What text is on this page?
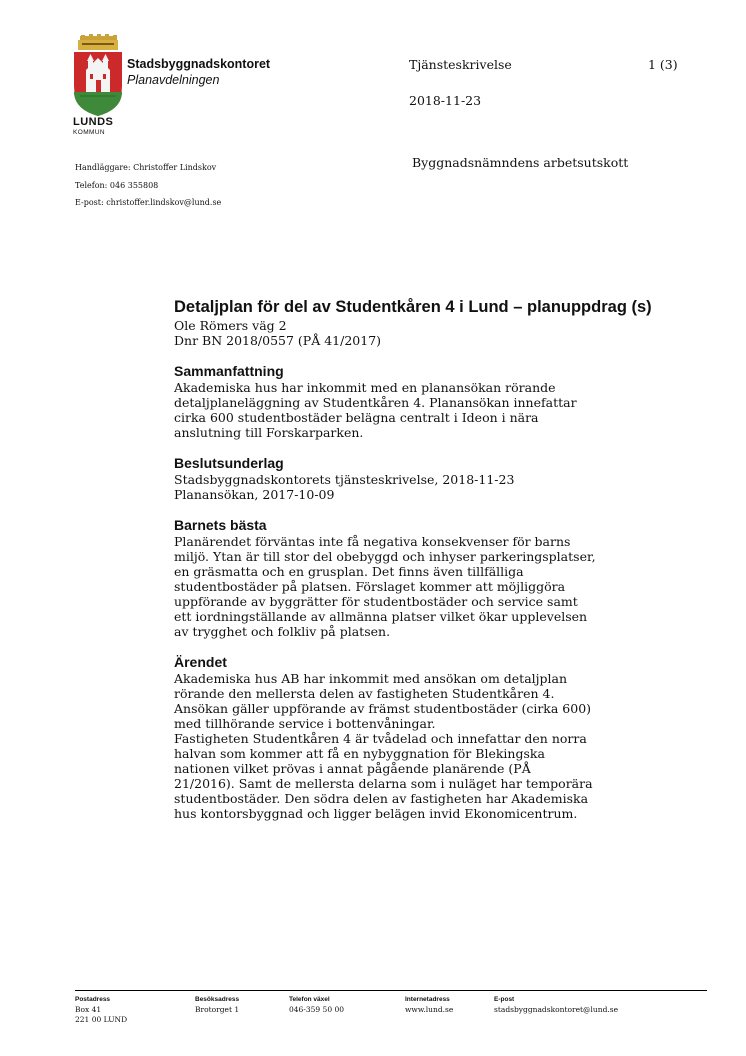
LUNDS
KOMMUN
Stadsbyggnadskontoret
Planavdelningen
Tjänsteskrivelse	1 (3)
2018-11-23
Byggnadsnämndens arbetsutskott
Handläggare: Christoffer Lindskov
Telefon: 046 355808
E-post: christoffer.lindskov@lund.se
Detaljplan för del av Studentkåren 4 i Lund – planuppdrag (s)
Ole Römers väg 2
Dnr BN 2018/0557 (PÅ 41/2017)
Sammanfattning
Akademiska hus har inkommit med en planansökan rörande
detaljplaneläggning av Studentkåren 4. Planansökan innefattar
cirka 600 studentbostäder belägna centralt i Ideon i nära
anslutning till Forskarparken.
Beslutsunderlag
Stadsbyggnadskontorets tjänsteskrivelse, 2018-11-23
Planansökan, 2017-10-09
Barnets bästa
Planärendet förväntas inte få negativa konsekvenser för barns
miljö. Ytan är till stor del obebyggd och inhyser parkeringsplatser,
en gräsmatta och en grusplan. Det finns även tillfälliga
studentbostäder på platsen. Förslaget kommer att möjliggöra
uppförande av byggrätter för studentbostäder och service samt
ett iordningställande av allmänna platser vilket ökar upplevelsen
av trygghet och folkliv på platsen.
Ärendet
Akademiska hus AB har inkommit med ansökan om detaljplan
rörande den mellersta delen av fastigheten Studentkåren 4.
Ansökan gäller uppförande av främst studentbostäder (cirka 600)
med tillhörande service i bottenvåningar.
Fastigheten Studentkåren 4 är tvådelad och innefattar den norra
halvan som kommer att få en nybyggnation för Blekingska
nationen vilket prövas i annat pågående planärende (PÅ
21/2016). Samt de mellersta delarna som i nuläget har temporära
studentbostäder. Den södra delen av fastigheten har Akademiska
hus kontorsbyggnad och ligger belägen invid Ekonomicentrum.
Postadress
Box 41
221 00 LUND
Besöksadress
Brotorget 1
Telefon växel
046-359 50 00
Internetadress
www.lund.se
E-post
stadsbyggnadskontoret@lund.se
